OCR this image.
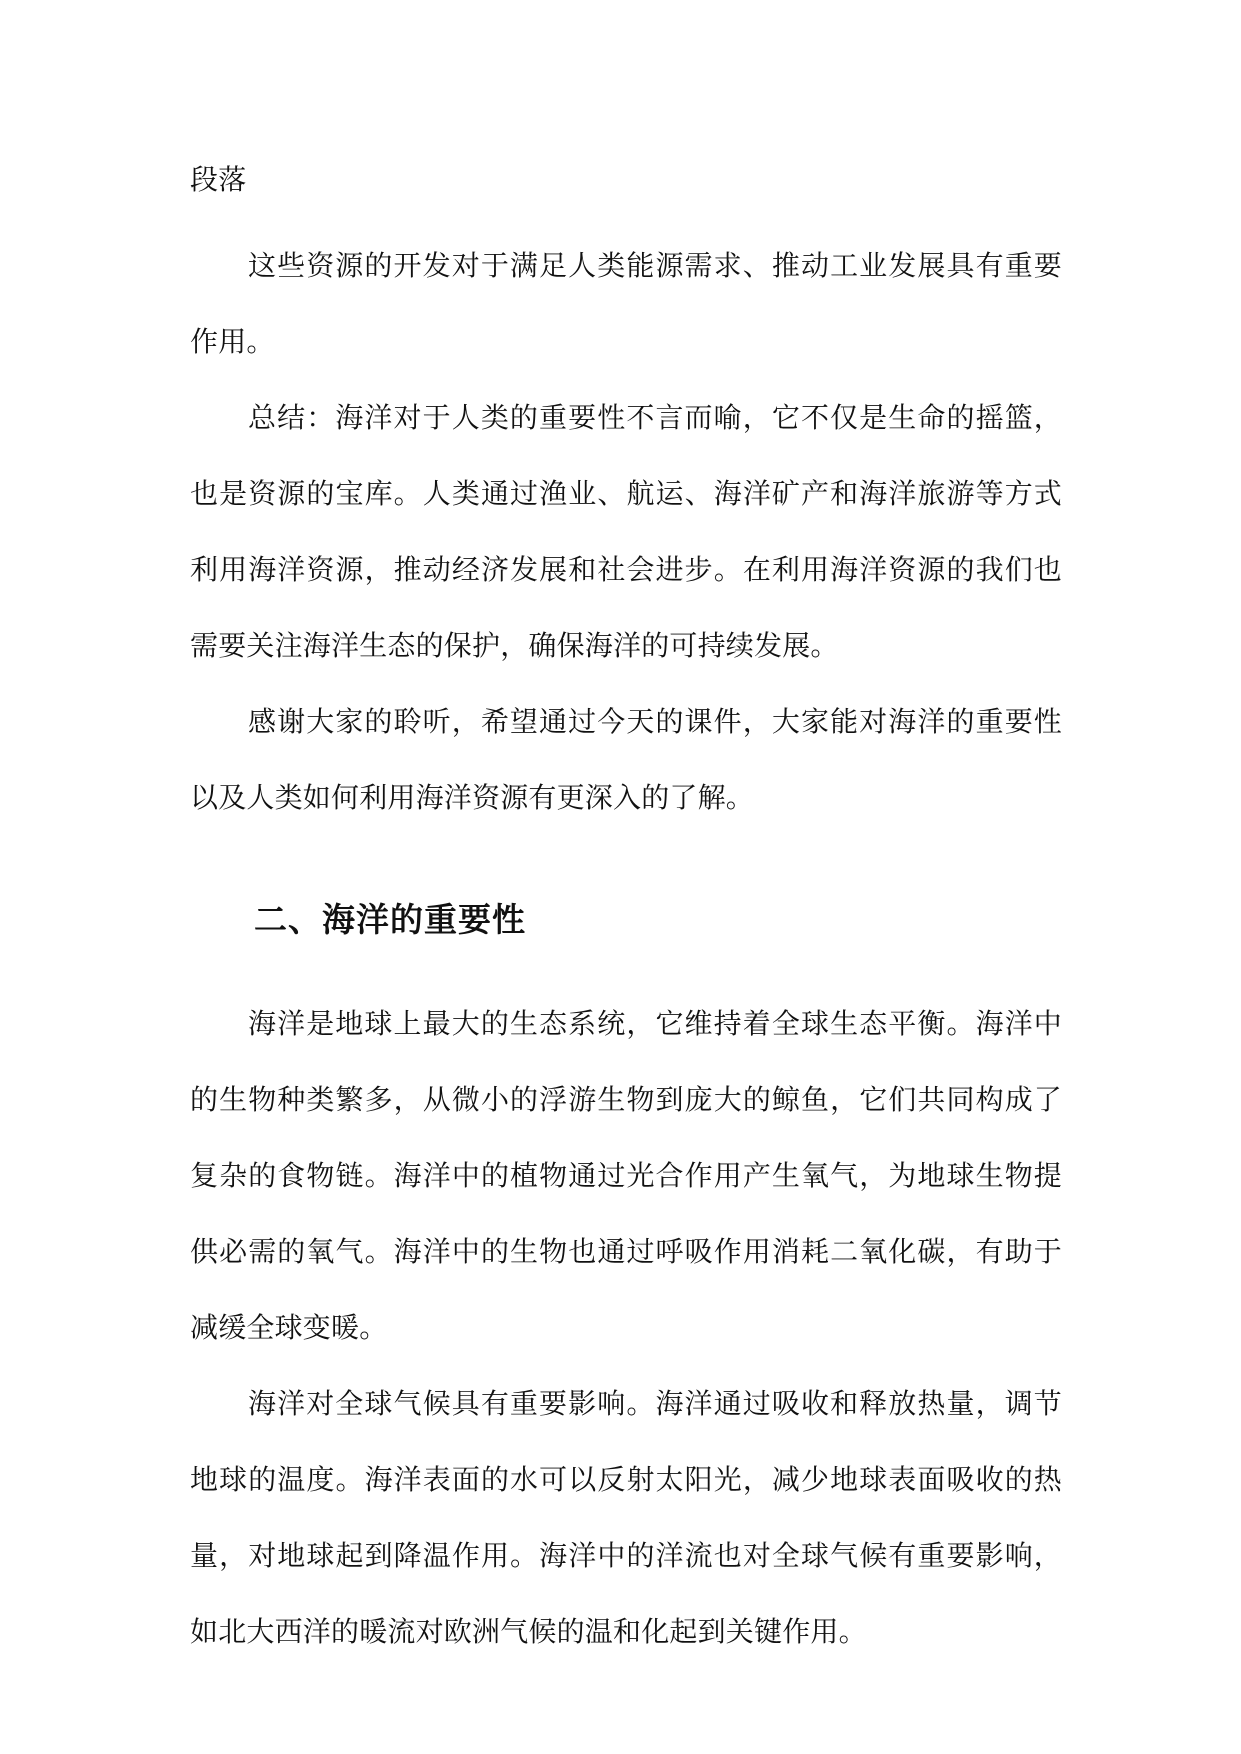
段落

这些资源的开发对于满足人类能源需求、推动工业发展具有重要作用。

总结：海洋对于人类的重要性不言而喻，它不仅是生命的摇篮，也是资源的宝库。人类通过渔业、航运、海洋矿产和海洋旅游等方式利用海洋资源，推动经济发展和社会进步。在利用海洋资源的我们也需要关注海洋生态的保护，确保海洋的可持续发展。

感谢大家的聆听，希望通过今天的课件，大家能对海洋的重要性以及人类如何利用海洋资源有更深入的了解。

二、海洋的重要性

海洋是地球上最大的生态系统，它维持着全球生态平衡。海洋中的生物种类繁多，从微小的浮游生物到庞大的鲸鱼，它们共同构成了复杂的食物链。海洋中的植物通过光合作用产生氧气，为地球生物提供必需的氧气。海洋中的生物也通过呼吸作用消耗二氧化碳，有助于减缓全球变暖。

海洋对全球气候具有重要影响。海洋通过吸收和释放热量，调节地球的温度。海洋表面的水可以反射太阳光，减少地球表面吸收的热量，对地球起到降温作用。海洋中的洋流也对全球气候有重要影响，如北大西洋的暖流对欧洲气候的温和化起到关键作用。
